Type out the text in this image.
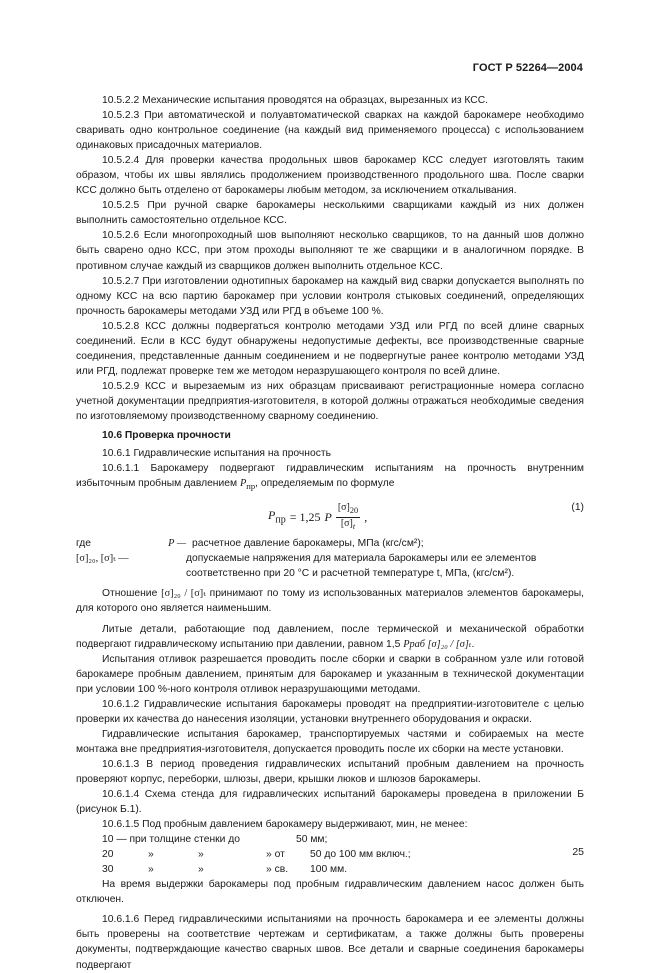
ГОСТ Р 52264—2004

10.5.2.2 Механические испытания проводятся на образцах, вырезанных из КСС.

10.5.2.3 При автоматической и полуавтоматической сварках на каждой барокамере необходимо сваривать одно контрольное соединение (на каждый вид применяемого процесса) с использованием одинаковых присадочных материалов.

10.5.2.4 Для проверки качества продольных швов барокамер КСС следует изготовлять таким образом, чтобы их швы являлись продолжением производственного продольного шва. После сварки КСС должно быть отделено от барокамеры любым методом, за исключением откалывания.

10.5.2.5 При ручной сварке барокамеры несколькими сварщиками каждый из них должен выполнить самостоятельно отдельное КСС.

10.5.2.6 Если многопроходный шов выполняют несколько сварщиков, то на данный шов должно быть сварено одно КСС, при этом проходы выполняют те же сварщики и в аналогичном порядке. В противном случае каждый из сварщиков должен выполнить отдельное КСС.

10.5.2.7 При изготовлении однотипных барокамер на каждый вид сварки допускается выполнять по одному КСС на всю партию барокамер при условии контроля стыковых соединений, определяющих прочность барокамеры методами УЗД или РГД в объеме 100 %.

10.5.2.8 КСС должны подвергаться контролю методами УЗД или РГД по всей длине сварных соединений. Если в КСС будут обнаружены недопустимые дефекты, все производственные сварные соединения, представленные данным соединением и не подвергнутые ранее контролю методами УЗД или РГД, подлежат проверке тем же методом неразрушающего контроля по всей длине.

10.5.2.9 КСС и вырезаемым из них образцам присваивают регистрационные номера согласно учетной документации предприятия-изготовителя, в которой должны отражаться необходимые сведения по изготовляемому производственному сварному соединению.

10.6 Проверка прочности

10.6.1 Гидравлические испытания на прочность

10.6.1.1 Барокамеру подвергают гидравлическим испытаниям на прочность внутренним избыточным пробным давлением $P_{пр}$, определяемым по формуле

$P_{пр} = 1,25$ P $\frac{[\sigma]_{20}}{[\sigma]_t}$ ,
(1)
где	P — расчетное давление барокамеры, МПа (кгс/см²);
[σ]₂₀, [σ]ₜ —	допускаемые напряжения для материала барокамеры или ее элементов соответственно при 20 °С и расчетной температуре t, МПа, (кгс/см²).

Отношение [σ]₂₀ / [σ]ₜ принимают по тому из использованных материалов элементов барокамеры, для которого оно является наименьшим.

Литые детали, работающие под давлением, после термической и механической обработки подвергают гидравлическому испытанию при давлении, равном 1,5 Pраб [σ]₂₀ / [σ]ₜ.

Испытания отливок разрешается проводить после сборки и сварки в собранном узле или готовой барокамере пробным давлением, принятым для барокамер и указанным в технической документации при условии 100 %-ного контроля отливок неразрушающими методами.

10.6.1.2 Гидравлические испытания барокамеры проводят на предприятии-изготовителе с целью проверки их качества до нанесения изоляции, установки внутреннего оборудования и окраски.

Гидравлические испытания барокамер, транспортируемых частями и собираемых на месте монтажа вне предприятия-изготовителя, допускается проводить после их сборки на месте установки.

10.6.1.3 В период проведения гидравлических испытаний пробным давлением на прочность проверяют корпус, переборки, шлюзы, двери, крышки люков и шлюзов барокамеры.

10.6.1.4 Схема стенда для гидравлических испытаний барокамеры проведена в приложении Б (рисунок Б.1).

10.6.1.5 Под пробным давлением барокамеру выдерживают, мин, не менее:

10 — при толщине стенки до	50 мм;
20	»	»	» от	50 до 100 мм включ.;
30	»	»	» св.	100 мм.

На время выдержки барокамеры под пробным гидравлическим давлением насос должен быть отключен.

10.6.1.6 Перед гидравлическими испытаниями на прочность барокамера и ее элементы должны быть проверены на соответствие чертежам и сертификатам, а также должны быть проверены документы, подтверждающие качество сварных швов. Все детали и сварные соединения барокамеры подвергают

25
